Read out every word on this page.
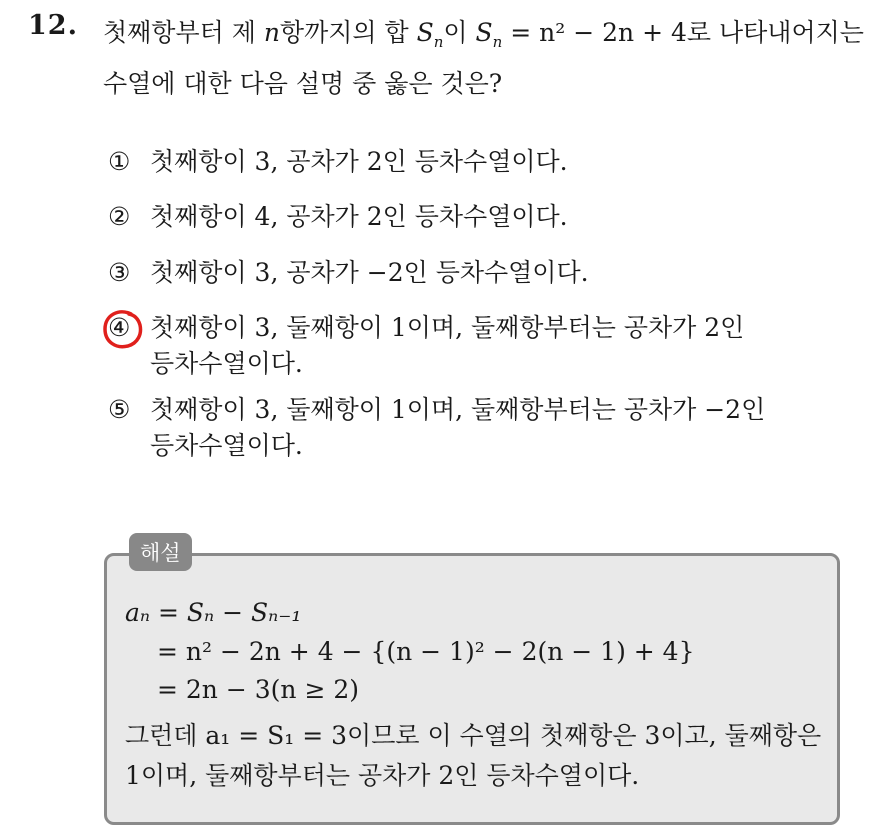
12. 첫째항부터 제 n항까지의 합 $S_n$이 $S_n = n^2 - 2n + 4$로 나타내어지는
수열에 대한 다음 설명 중 옳은 것은?
① 첫째항이 3, 공차가 2인 등차수열이다.
② 첫째항이 4, 공차가 2인 등차수열이다.
③ 첫째항이 3, 공차가 −2인 등차수열이다.
④ 첫째항이 3, 둘째항이 1이며, 둘째항부터는 공차가 2인
등차수열이다.
⑤ 첫째항이 3, 둘째항이 1이며, 둘째항부터는 공차가 −2인
등차수열이다.
해설
aₙ = Sₙ − Sₙ₋₁
= n² − 2n + 4 − {(n − 1)² − 2(n − 1) + 4}
= 2n − 3(n ≥ 2)
그런데 a₁ = S₁ = 3이므로 이 수열의 첫째항은 3이고, 둘째항은
1이며, 둘째항부터는 공차가 2인 등차수열이다.
